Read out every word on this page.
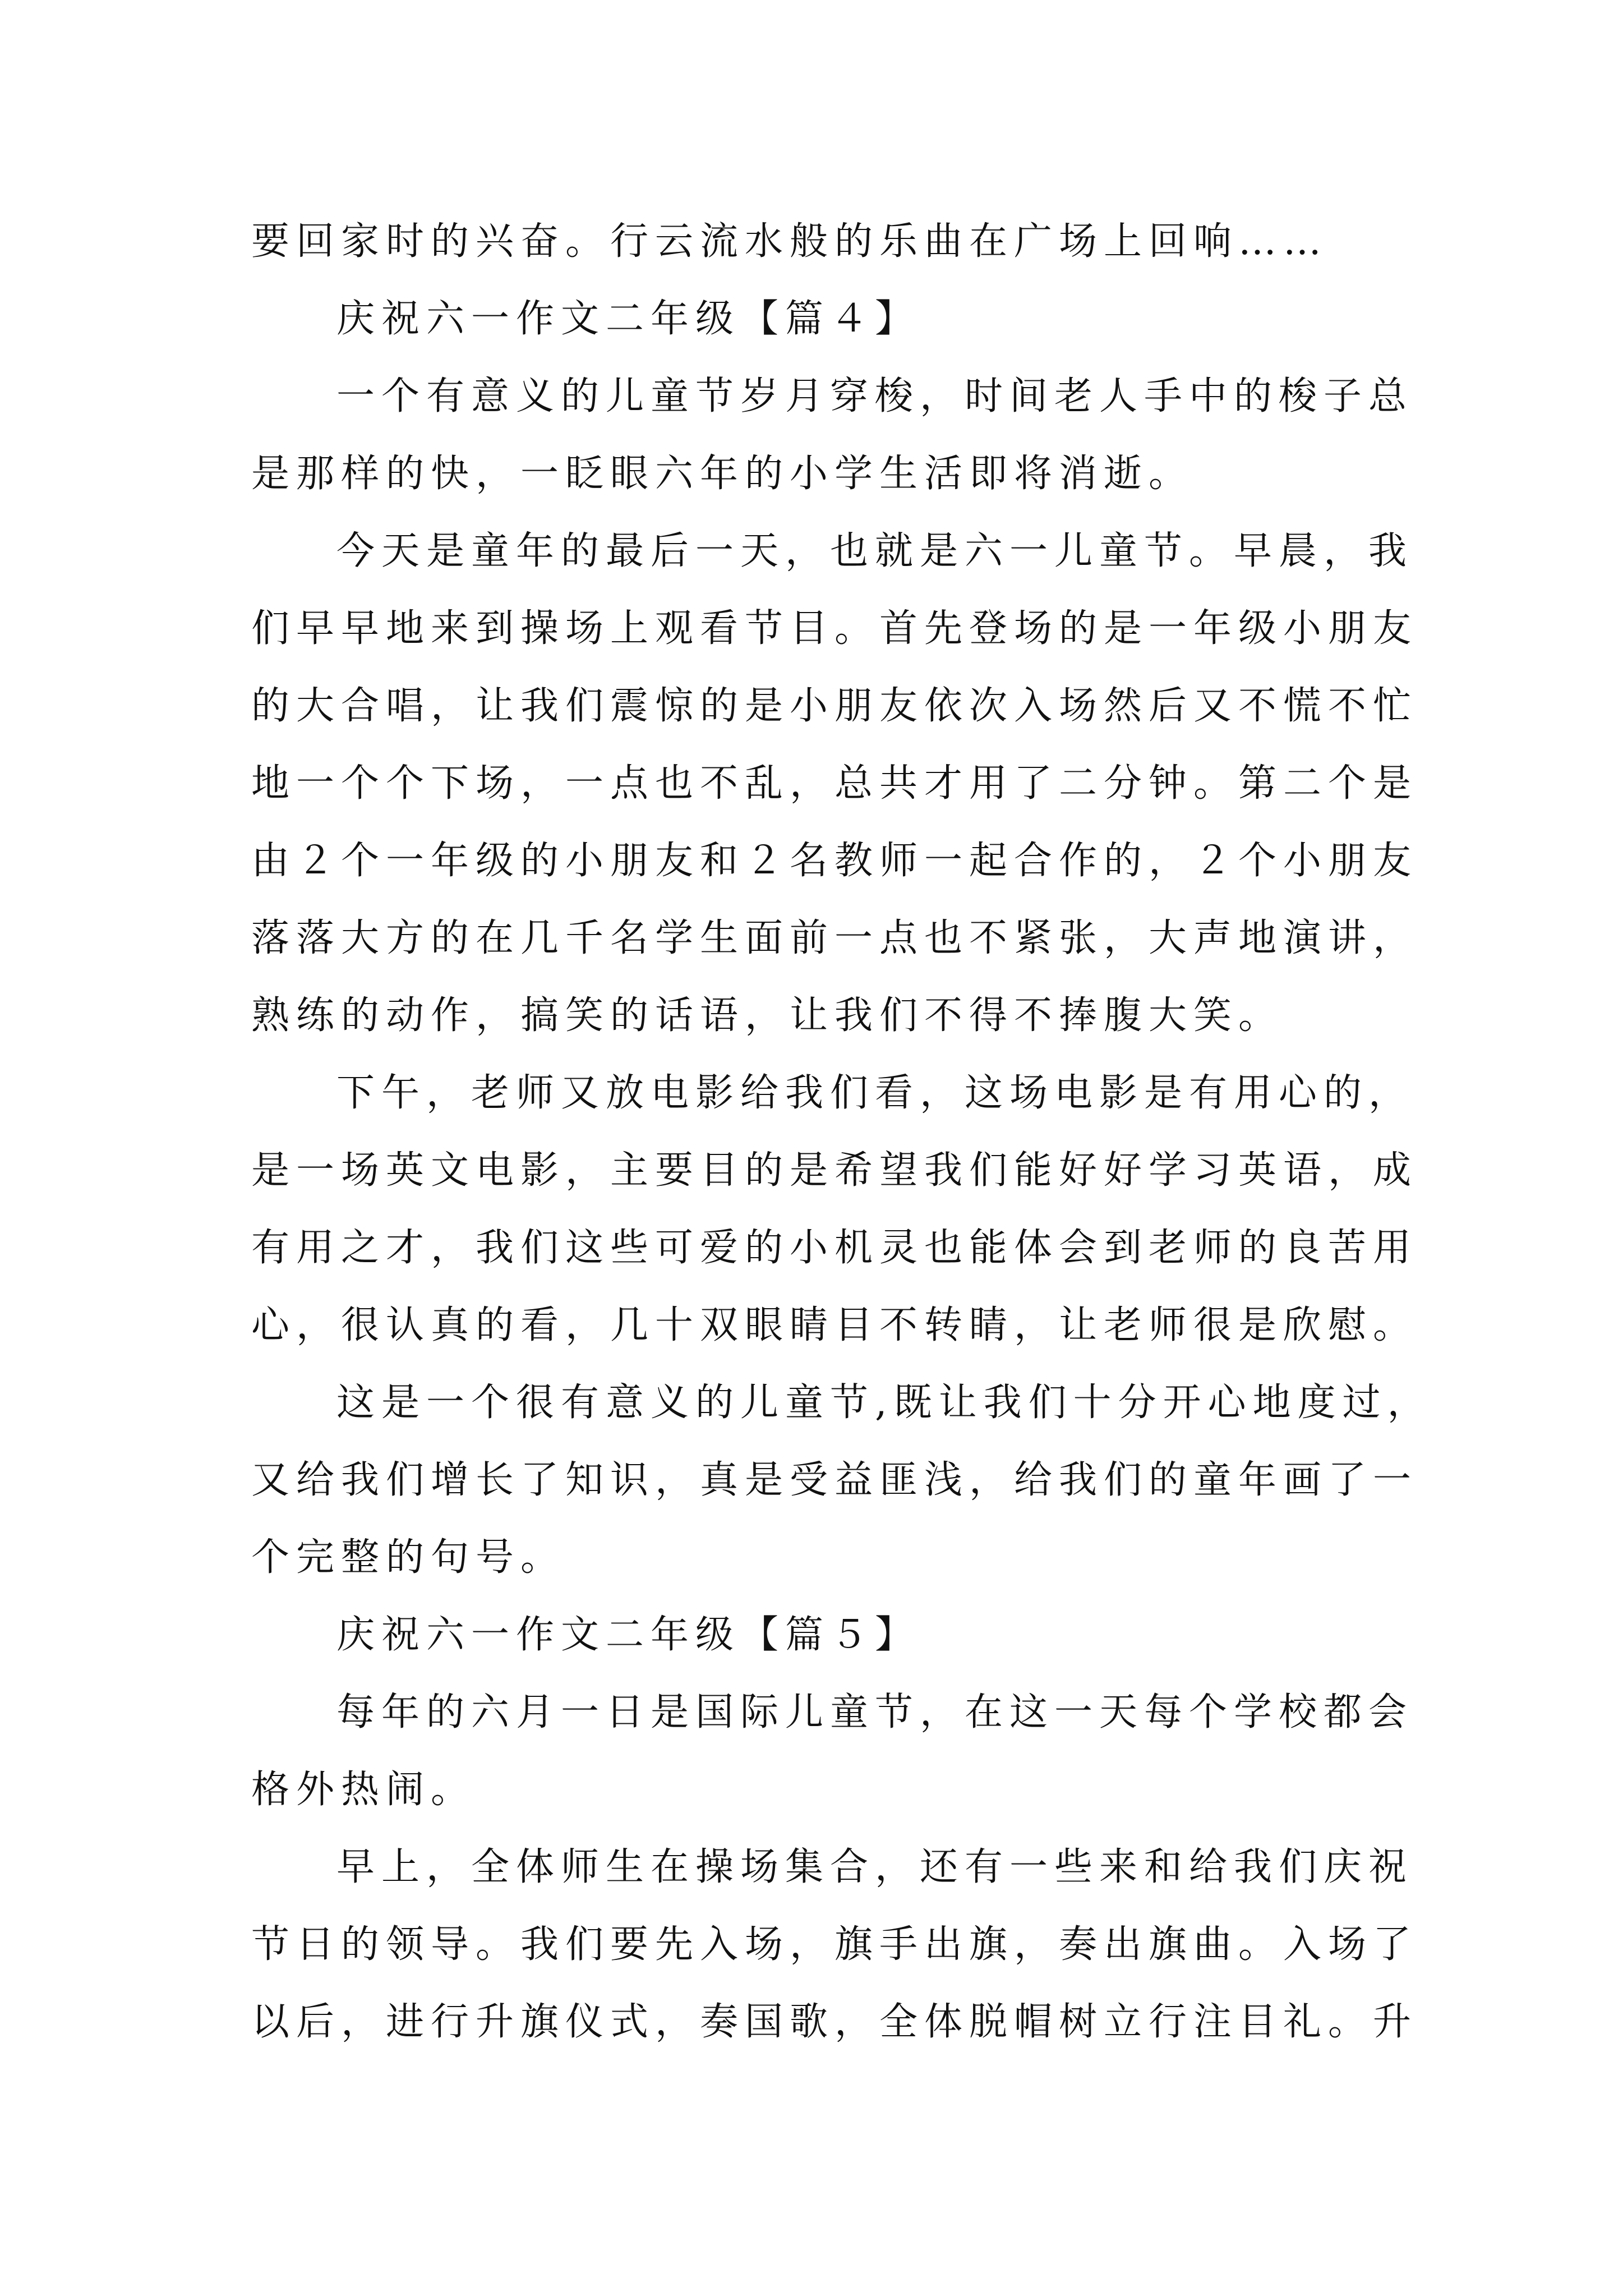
要回家时的兴奋。行云流水般的乐曲在广场上回响……
庆祝六一作文二年级【篇４】
一个有意义的儿童节岁月穿梭，时间老人手中的梭子总
是那样的快，一眨眼六年的小学生活即将消逝。
今天是童年的最后一天，也就是六一儿童节。早晨，我
们早早地来到操场上观看节目。首先登场的是一年级小朋友
的大合唱，让我们震惊的是小朋友依次入场然后又不慌不忙
地一个个下场，一点也不乱，总共才用了二分钟。第二个是
由２个一年级的小朋友和２名教师一起合作的，２个小朋友
落落大方的在几千名学生面前一点也不紧张，大声地演讲，
熟练的动作，搞笑的话语，让我们不得不捧腹大笑。
下午，老师又放电影给我们看，这场电影是有用心的，
是一场英文电影，主要目的是希望我们能好好学习英语，成
有用之才，我们这些可爱的小机灵也能体会到老师的良苦用
心，很认真的看，几十双眼睛目不转睛，让老师很是欣慰。
这是一个很有意义的儿童节,既让我们十分开心地度过，
又给我们增长了知识，真是受益匪浅，给我们的童年画了一
个完整的句号。
庆祝六一作文二年级【篇５】
每年的六月一日是国际儿童节，在这一天每个学校都会
格外热闹。
早上，全体师生在操场集合，还有一些来和给我们庆祝
节日的领导。我们要先入场，旗手出旗，奏出旗曲。入场了
以后，进行升旗仪式，奏国歌，全体脱帽树立行注目礼。升
